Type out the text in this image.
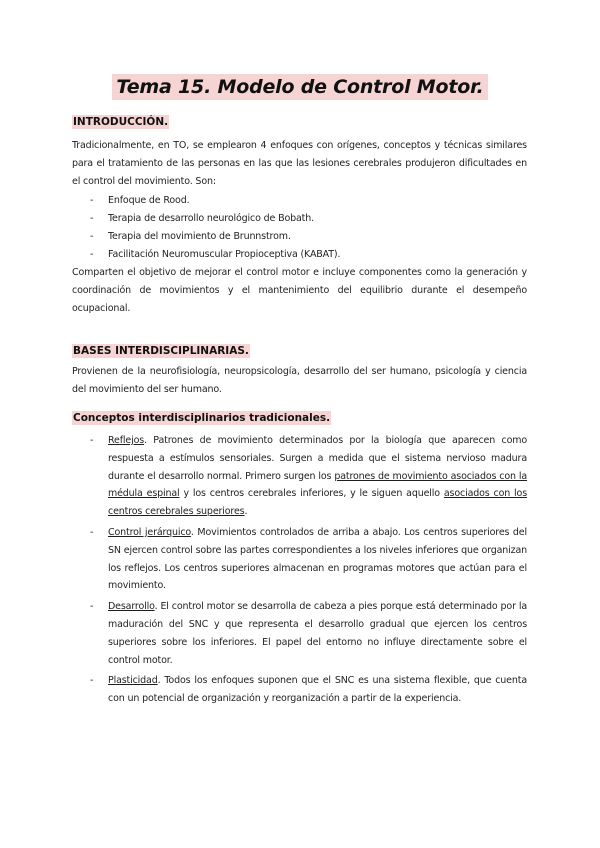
Tema 15. Modelo de Control Motor.
INTRODUCCIÓN.

Tradicionalmente, en TO, se emplearon 4 enfoques con orígenes, conceptos y técnicas similares para el tratamiento de las personas en las que las lesiones cerebrales produjeron dificultades en el control del movimiento. Son:

- Enfoque de Rood.
- Terapia de desarrollo neurológico de Bobath.
- Terapia del movimiento de Brunnstrom.
- Facilitación Neuromuscular Propioceptiva (KABAT).

Comparten el objetivo de mejorar el control motor e incluye componentes como la generación y coordinación de movimientos y el mantenimiento del equilibrio durante el desempeño ocupacional.

BASES INTERDISCIPLINARIAS.

Provienen de la neurofisiología, neuropsicología, desarrollo del ser humano, psicología y ciencia del movimiento del ser humano.

Conceptos interdisciplinarios tradicionales.
- Reflejos. Patrones de movimiento determinados por la biología que aparecen como respuesta a estímulos sensoriales. Surgen a medida que el sistema nervioso madura durante el desarrollo normal. Primero surgen los patrones de movimiento asociados con la médula espinal y los centros cerebrales inferiores, y le siguen aquello asociados con los centros cerebrales superiores.
- Control jerárquico. Movimientos controlados de arriba a abajo. Los centros superiores del SN ejercen control sobre las partes correspondientes a los niveles inferiores que organizan los reflejos. Los centros superiores almacenan en programas motores que actúan para el movimiento.
- Desarrollo. El control motor se desarrolla de cabeza a pies porque está determinado por la maduración del SNC y que representa el desarrollo gradual que ejercen los centros superiores sobre los inferiores. El papel del entorno no influye directamente sobre el control motor.
- Plasticidad. Todos los enfoques suponen que el SNC es una sistema flexible, que cuenta con un potencial de organización y reorganización a partir de la experiencia.
